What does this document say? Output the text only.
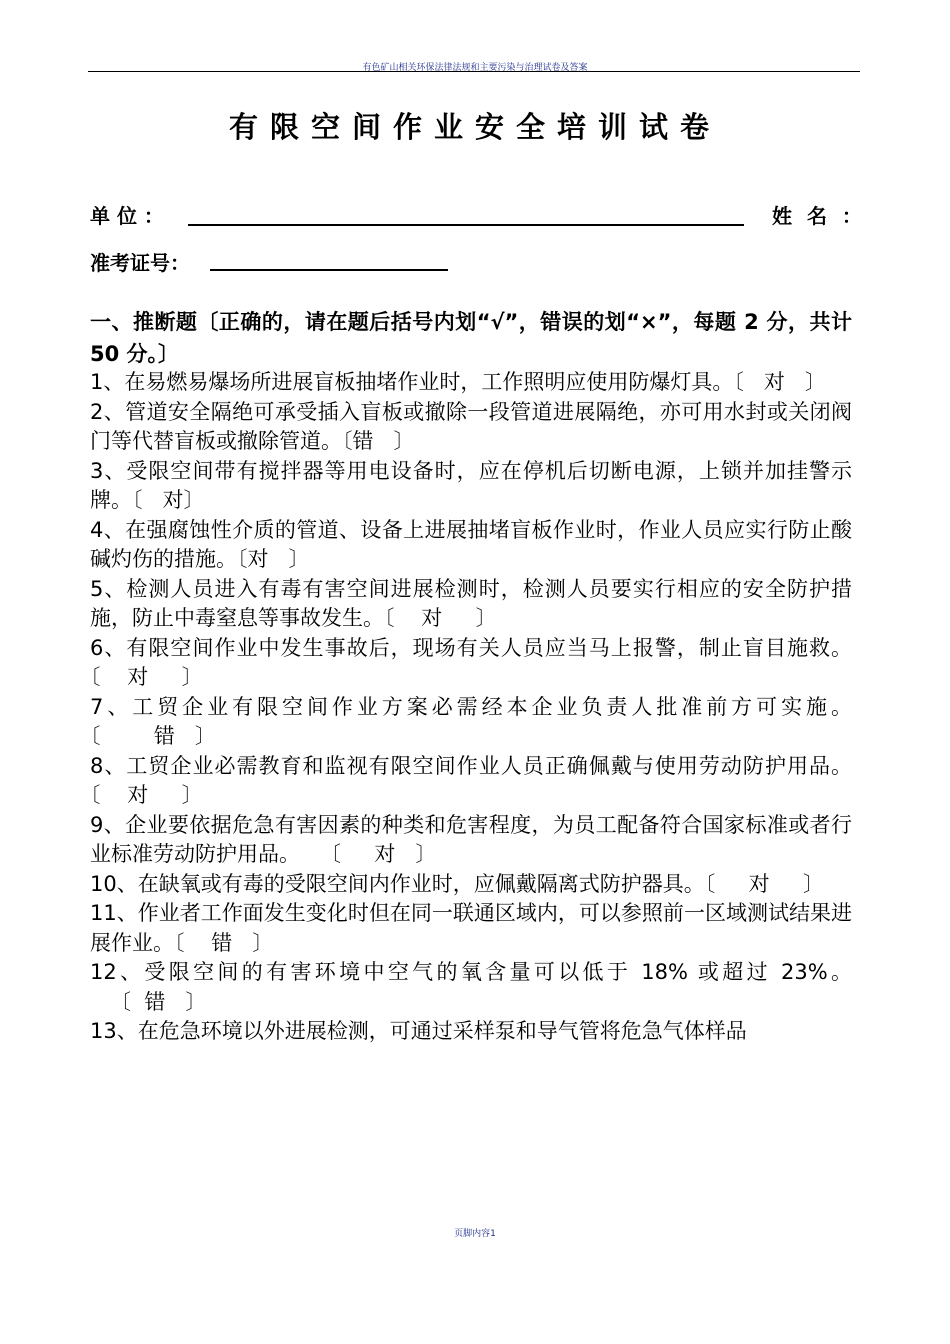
有色矿山相关环保法律法规和主要污染与治理试卷及答案
有限空间作业安全培训试卷
单 位 ：	姓 名 ：
准考证号：
一、推断题〔正确的，请在题后括号内划“√”，错误的划“×”，每题 2 分，共计 50 分。〕
1、在易燃易爆场所进展盲板抽堵作业时，工作照明应使用防爆灯具。〔   对   〕
2、管道安全隔绝可承受插入盲板或撤除一段管道进展隔绝，亦可用水封或关闭阀门等代替盲板或撤除管道。〔错   〕
3、受限空间带有搅拌器等用电设备时，应在停机后切断电源，上锁并加挂警示牌。〔   对〕
4、在强腐蚀性介质的管道、设备上进展抽堵盲板作业时，作业人员应实行防止酸碱灼伤的措施。〔对   〕
5、检测人员进入有毒有害空间进展检测时，检测人员要实行相应的安全防护措施，防止中毒窒息等事故发生。〔    对     〕
6、有限空间作业中发生事故后，现场有关人员应当马上报警，制止盲目施救。〔    对     〕
7、工贸企业有限空间作业方案必需经本企业负责人批准前方可实施。〔        错   〕
8、工贸企业必需教育和监视有限空间作业人员正确佩戴与使用劳动防护用品。〔    对     〕
9、企业要依据危急有害因素的种类和危害程度，为员工配备符合国家标准或者行业标准劳动防护用品。   〔     对   〕
10、在缺氧或有毒的受限空间内作业时，应佩戴隔离式防护器具。〔     对     〕
11、作业者工作面发生变化时但在同一联通区域内，可以参照前一区域测试结果进展作业。〔    错   〕
12、受限空间的有害环境中空气的氧含量可以低于 18% 或超过 23%。   〔  错   〕
13、在危急环境以外进展检测，可通过采样泵和导气管将危急气体样品
页脚内容1
